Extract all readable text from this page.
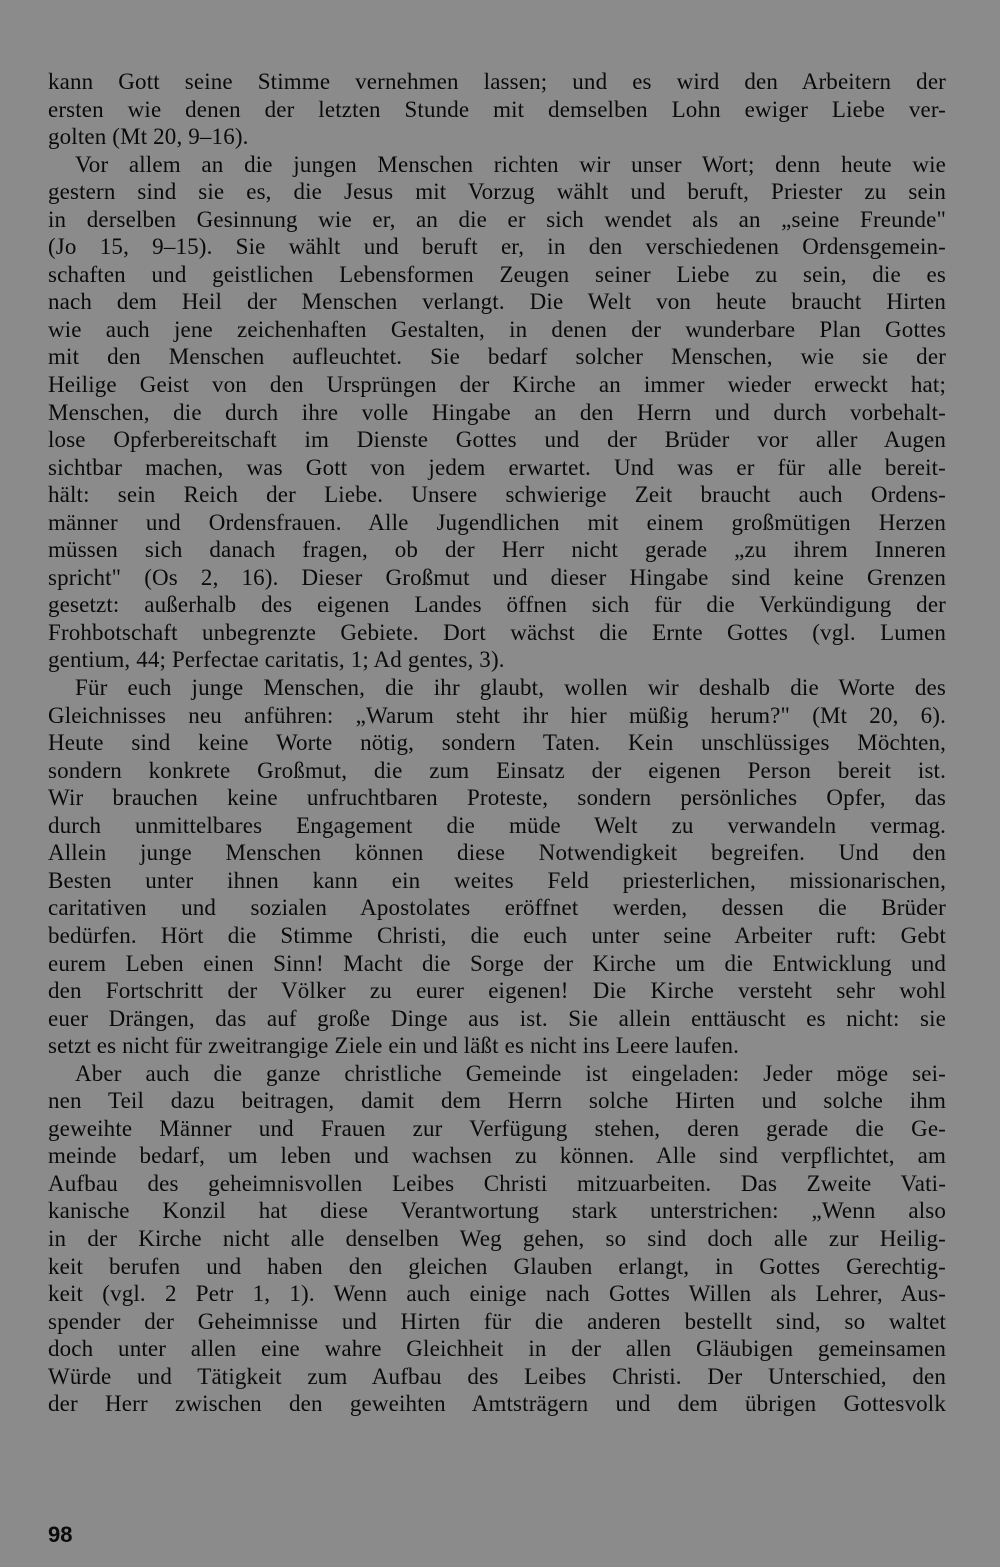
kann Gott seine Stimme vernehmen lassen; und es wird den Arbeitern der
ersten wie denen der letzten Stunde mit demselben Lohn ewiger Liebe ver-
golten (Mt 20, 9–16).
Vor allem an die jungen Menschen richten wir unser Wort; denn heute wie
gestern sind sie es, die Jesus mit Vorzug wählt und beruft, Priester zu sein
in derselben Gesinnung wie er, an die er sich wendet als an „seine Freunde"
(Jo 15, 9–15). Sie wählt und beruft er, in den verschiedenen Ordensgemein-
schaften und geistlichen Lebensformen Zeugen seiner Liebe zu sein, die es
nach dem Heil der Menschen verlangt. Die Welt von heute braucht Hirten
wie auch jene zeichenhaften Gestalten, in denen der wunderbare Plan Gottes
mit den Menschen aufleuchtet. Sie bedarf solcher Menschen, wie sie der
Heilige Geist von den Ursprüngen der Kirche an immer wieder erweckt hat;
Menschen, die durch ihre volle Hingabe an den Herrn und durch vorbehalt-
lose Opferbereitschaft im Dienste Gottes und der Brüder vor aller Augen
sichtbar machen, was Gott von jedem erwartet. Und was er für alle bereit-
hält: sein Reich der Liebe. Unsere schwierige Zeit braucht auch Ordens-
männer und Ordensfrauen. Alle Jugendlichen mit einem großmütigen Herzen
müssen sich danach fragen, ob der Herr nicht gerade „zu ihrem Inneren
spricht" (Os 2, 16). Dieser Großmut und dieser Hingabe sind keine Grenzen
gesetzt: außerhalb des eigenen Landes öffnen sich für die Verkündigung der
Frohbotschaft unbegrenzte Gebiete. Dort wächst die Ernte Gottes (vgl. Lumen
gentium, 44; Perfectae caritatis, 1; Ad gentes, 3).
Für euch junge Menschen, die ihr glaubt, wollen wir deshalb die Worte des
Gleichnisses neu anführen: „Warum steht ihr hier müßig herum?" (Mt 20, 6).
Heute sind keine Worte nötig, sondern Taten. Kein unschlüssiges Möchten,
sondern konkrete Großmut, die zum Einsatz der eigenen Person bereit ist.
Wir brauchen keine unfruchtbaren Proteste, sondern persönliches Opfer, das
durch unmittelbares Engagement die müde Welt zu verwandeln vermag.
Allein junge Menschen können diese Notwendigkeit begreifen. Und den
Besten unter ihnen kann ein weites Feld priesterlichen, missionarischen,
caritativen und sozialen Apostolates eröffnet werden, dessen die Brüder
bedürfen. Hört die Stimme Christi, die euch unter seine Arbeiter ruft: Gebt
eurem Leben einen Sinn! Macht die Sorge der Kirche um die Entwicklung und
den Fortschritt der Völker zu eurer eigenen! Die Kirche versteht sehr wohl
euer Drängen, das auf große Dinge aus ist. Sie allein enttäuscht es nicht: sie
setzt es nicht für zweitrangige Ziele ein und läßt es nicht ins Leere laufen.
Aber auch die ganze christliche Gemeinde ist eingeladen: Jeder möge sei-
nen Teil dazu beitragen, damit dem Herrn solche Hirten und solche ihm
geweihte Männer und Frauen zur Verfügung stehen, deren gerade die Ge-
meinde bedarf, um leben und wachsen zu können. Alle sind verpflichtet, am
Aufbau des geheimnisvollen Leibes Christi mitzuarbeiten. Das Zweite Vati-
kanische Konzil hat diese Verantwortung stark unterstrichen: „Wenn also
in der Kirche nicht alle denselben Weg gehen, so sind doch alle zur Heilig-
keit berufen und haben den gleichen Glauben erlangt, in Gottes Gerechtig-
keit (vgl. 2 Petr 1, 1). Wenn auch einige nach Gottes Willen als Lehrer, Aus-
spender der Geheimnisse und Hirten für die anderen bestellt sind, so waltet
doch unter allen eine wahre Gleichheit in der allen Gläubigen gemeinsamen
Würde und Tätigkeit zum Aufbau des Leibes Christi. Der Unterschied, den
der Herr zwischen den geweihten Amtsträgern und dem übrigen Gottesvolk
98
